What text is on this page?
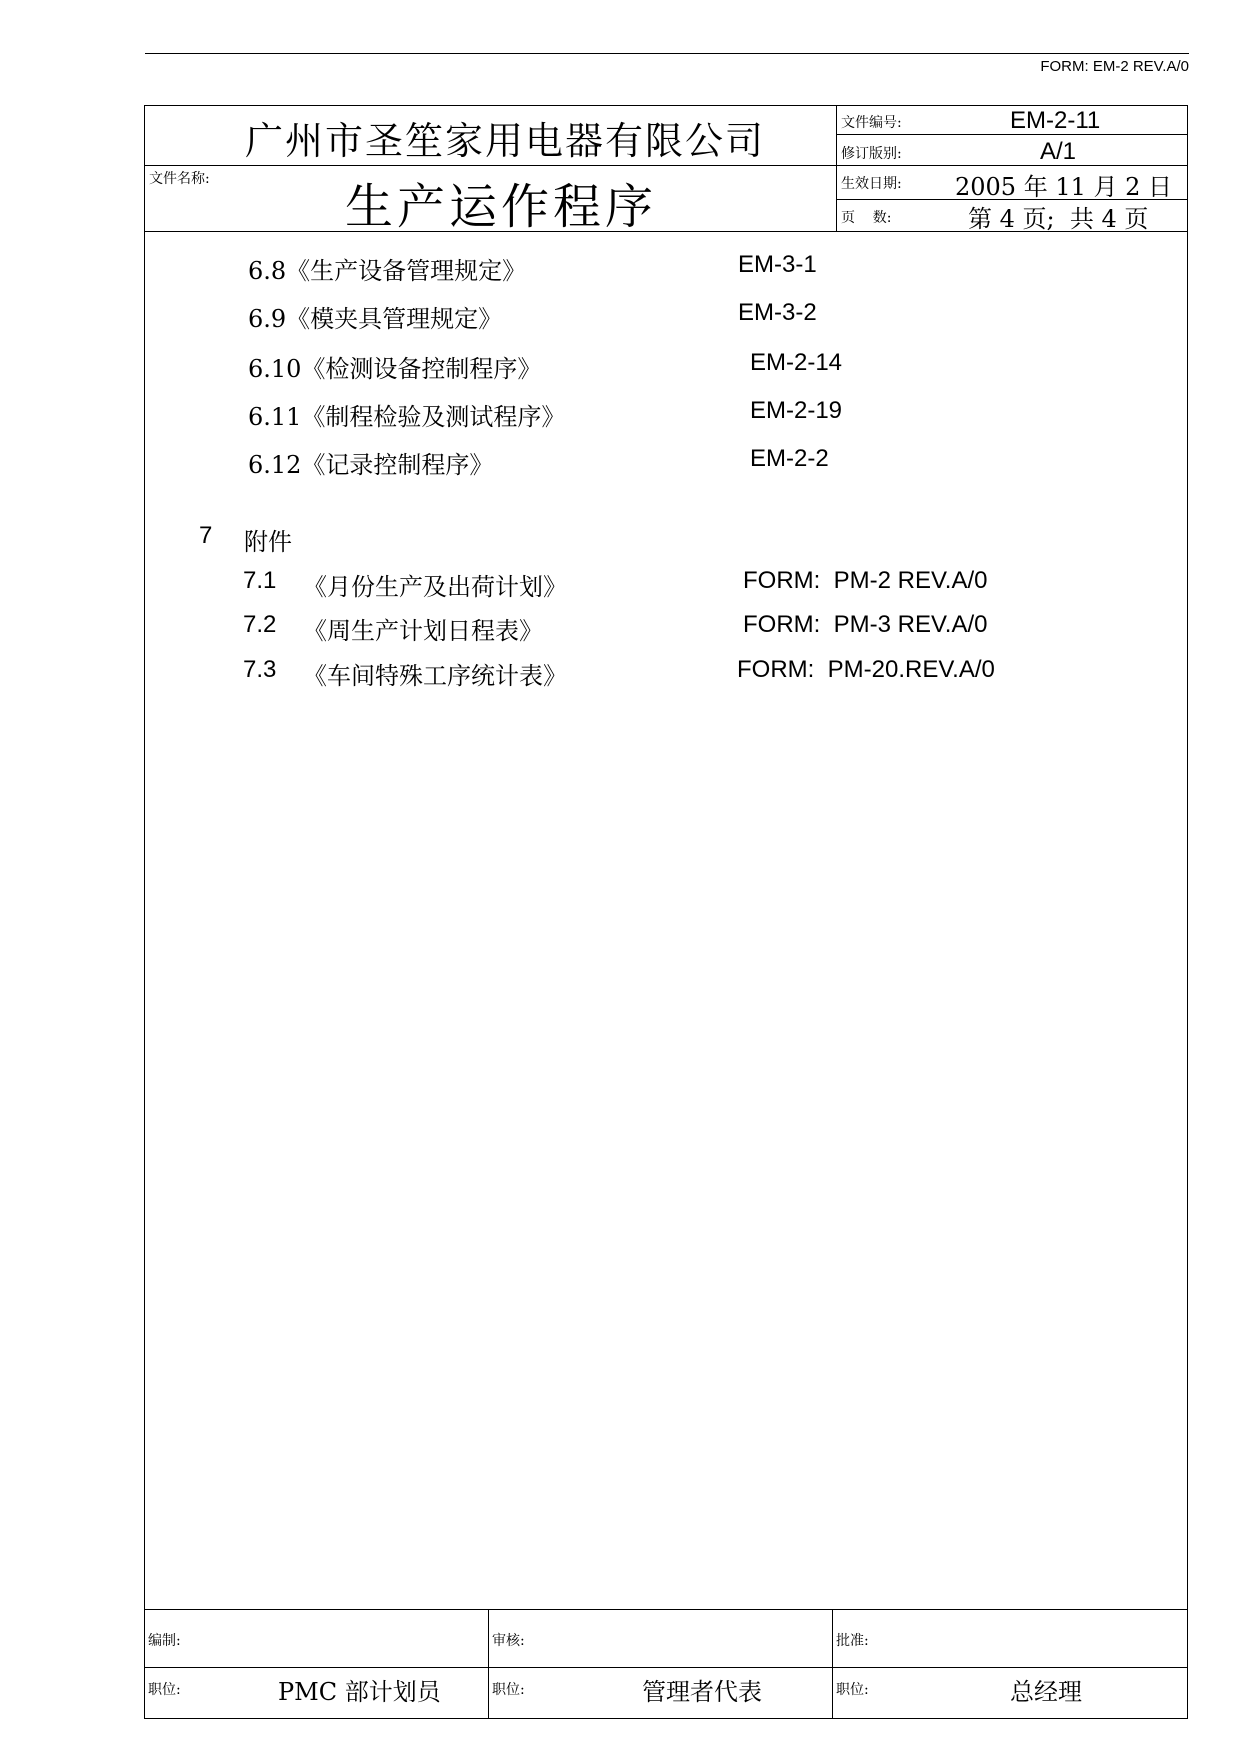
FORM: EM-2 REV.A/0
广州市圣笙家用电器有限公司
文件名称:	生产运作程序
文件编号:	EM-2-11
修订版别:	A/1
生效日期: 2005 年 11 月 2 日
页    数:	第 4 页;  共 4 页
6.8《生产设备管理规定》	EM-3-1
6.9《模夹具管理规定》	EM-3-2
6.10《检测设备控制程序》	EM-2-14
6.11《制程检验及测试程序》	EM-2-19
6.12《记录控制程序》	EM-2-2
7 附件
7.1 《月份生产及出荷计划》	FORM:  PM-2 REV.A/0
7.2 《周生产计划日程表》	FORM:  PM-3 REV.A/0
7.3 《车间特殊工序统计表》	FORM:  PM-20.REV.A/0
编制:	审核:	批准:
职位:	PMC 部计划员	职位:	管理者代表	职位:	总经理
